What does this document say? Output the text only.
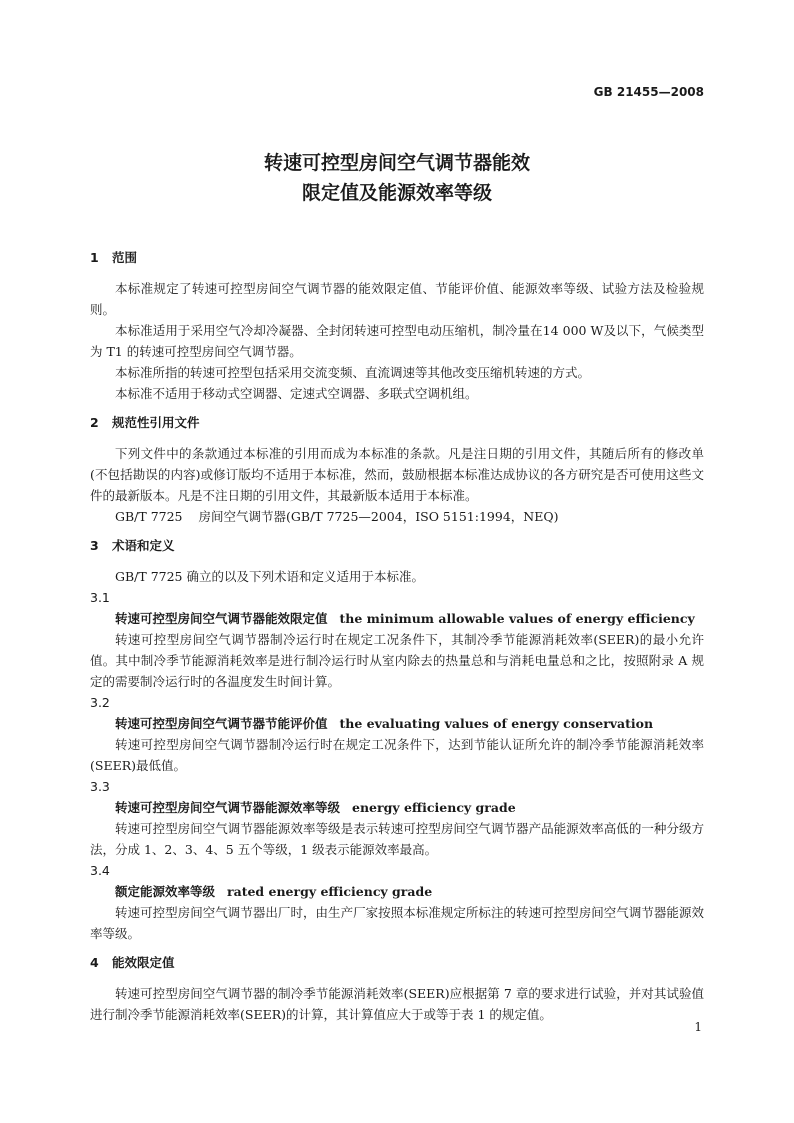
GB 21455—2008
转速可控型房间空气调节器能效
限定值及能源效率等级

1 范围

本标准规定了转速可控型房间空气调节器的能效限定值、节能评价值、能源效率等级、试验方法及检验规则。

本标准适用于采用空气冷却冷凝器、全封闭转速可控型电动压缩机，制冷量在14 000 W及以下，气候类型为 T1 的转速可控型房间空气调节器。

本标准所指的转速可控型包括采用交流变频、直流调速等其他改变压缩机转速的方式。

本标准不适用于移动式空调器、定速式空调器、多联式空调机组。

2 规范性引用文件

下列文件中的条款通过本标准的引用而成为本标准的条款。凡是注日期的引用文件，其随后所有的修改单(不包括勘误的内容)或修订版均不适用于本标准，然而，鼓励根据本标准达成协议的各方研究是否可使用这些文件的最新版本。凡是不注日期的引用文件，其最新版本适用于本标准。

GB/T 7725 房间空气调节器(GB/T 7725—2004，ISO 5151:1994，NEQ)

3 术语和定义

GB/T 7725 确立的以及下列术语和定义适用于本标准。

3.1

转速可控型房间空气调节器能效限定值 the minimum allowable values of energy efficiency

转速可控型房间空气调节器制冷运行时在规定工况条件下，其制冷季节能源消耗效率(SEER)的最小允许值。其中制冷季节能源消耗效率是进行制冷运行时从室内除去的热量总和与消耗电量总和之比，按照附录 A 规定的需要制冷运行时的各温度发生时间计算。

3.2

转速可控型房间空气调节器节能评价值 the evaluating values of energy conservation

转速可控型房间空气调节器制冷运行时在规定工况条件下，达到节能认证所允许的制冷季节能源消耗效率(SEER)最低值。

3.3

转速可控型房间空气调节器能源效率等级 energy efficiency grade

转速可控型房间空气调节器能源效率等级是表示转速可控型房间空气调节器产品能源效率高低的一种分级方法，分成 1、2、3、4、5 五个等级，1 级表示能源效率最高。

3.4

额定能源效率等级 rated energy efficiency grade

转速可控型房间空气调节器出厂时，由生产厂家按照本标准规定所标注的转速可控型房间空气调节器能源效率等级。

4 能效限定值

转速可控型房间空气调节器的制冷季节能源消耗效率(SEER)应根据第 7 章的要求进行试验，并对其试验值进行制冷季节能源消耗效率(SEER)的计算，其计算值应大于或等于表 1 的规定值。

1
